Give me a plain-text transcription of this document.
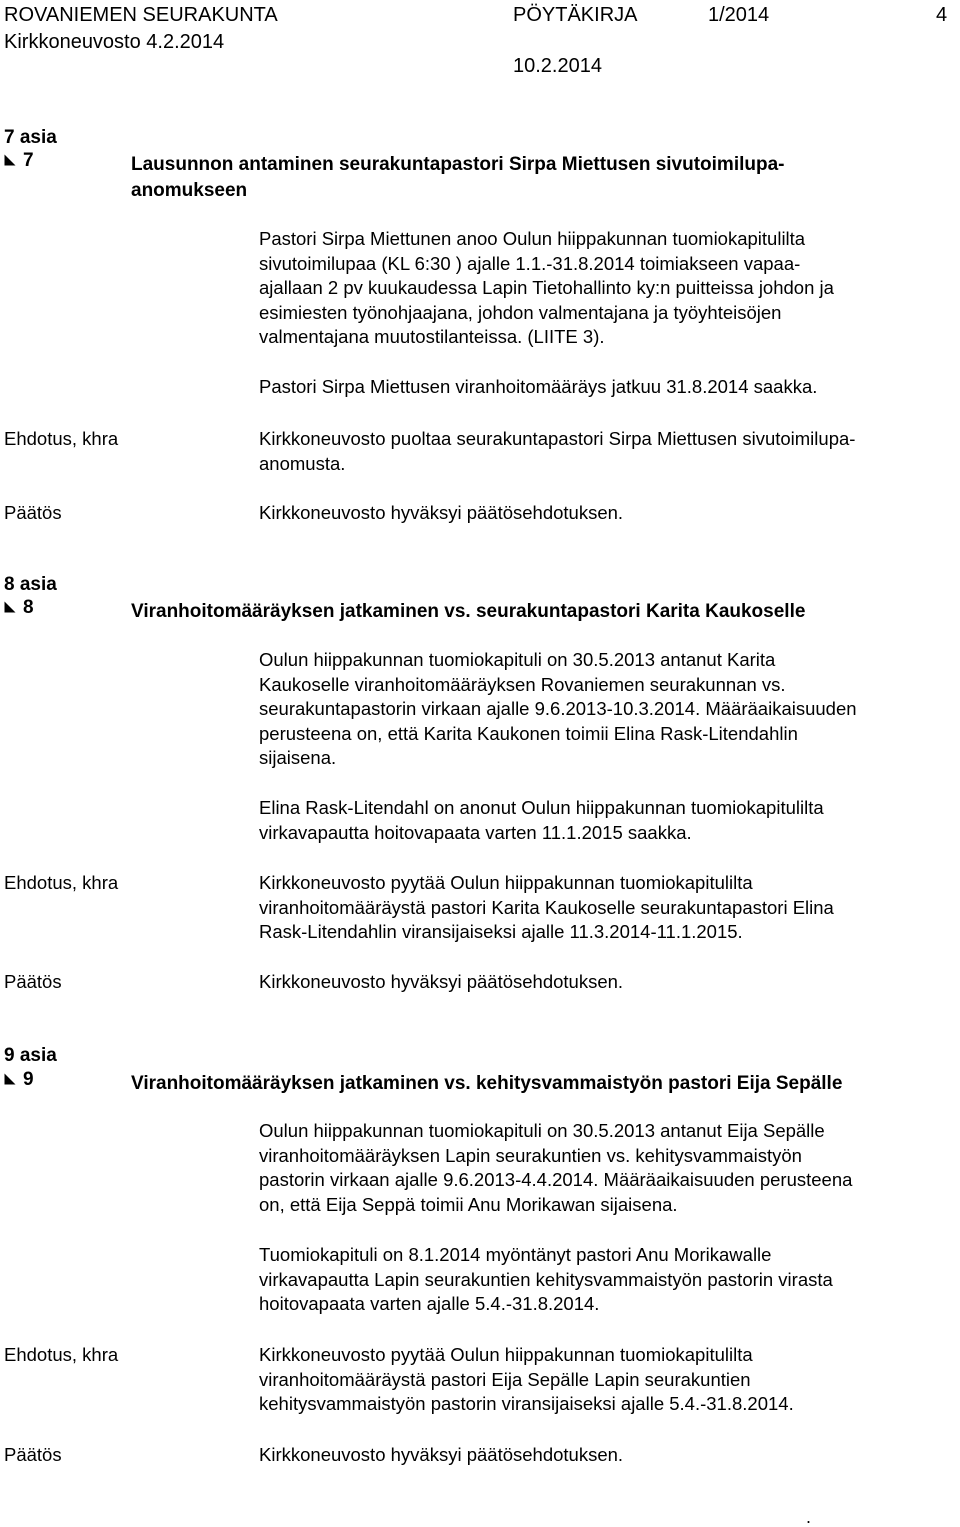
ROVANIEMEN SEURAKUNTA	PÖYTÄKIRJA	1/2014	4
Kirkkoneuvosto 4.2.2014
10.2.2014
7 asia
7	Lausunnon antaminen seurakuntapastori Sirpa Miettusen sivutoimilupa-
anomukseen

Pastori Sirpa Miettunen anoo Oulun hiippakunnan tuomiokapitulilta

sivutoimilupaa (KL 6:30 ) ajalle 1.1.-31.8.2014 toimiakseen vapaa-

ajallaan 2 pv kuukaudessa Lapin Tietohallinto ky:n puitteissa johdon ja

esimiesten työnohjaajana, johdon valmentajana ja työyhteisöjen

valmentajana muutostilanteissa. (LIITE 3).

Pastori Sirpa Miettusen viranhoitomääräys jatkuu 31.8.2014 saakka.

Ehdotus, khra	Kirkkoneuvosto puoltaa seurakuntapastori Sirpa Miettusen sivutoimilupa-

anomusta.

Päätös	Kirkkoneuvosto hyväksyi päätösehdotuksen.

8 asia
8	Viranhoitomääräyksen jatkaminen vs. seurakuntapastori Karita Kaukoselle

Oulun hiippakunnan tuomiokapituli on 30.5.2013 antanut Karita

Kaukoselle viranhoitomääräyksen Rovaniemen seurakunnan vs.

seurakuntapastorin virkaan ajalle 9.6.2013-10.3.2014. Määräaikaisuuden

perusteena on, että Karita Kaukonen toimii Elina Rask-Litendahlin

sijaisena.

Elina Rask-Litendahl on anonut Oulun hiippakunnan tuomiokapitulilta

virkavapautta hoitovapaata varten 11.1.2015 saakka.

Ehdotus, khra	Kirkkoneuvosto pyytää Oulun hiippakunnan tuomiokapitulilta

viranhoitomääräystä pastori Karita Kaukoselle seurakuntapastori Elina

Rask-Litendahlin viransijaiseksi ajalle 11.3.2014-11.1.2015.

Päätös	Kirkkoneuvosto hyväksyi päätösehdotuksen.

9 asia
9	Viranhoitomääräyksen jatkaminen vs. kehitysvammaistyön pastori Eija Sepälle

Oulun hiippakunnan tuomiokapituli on 30.5.2013 antanut Eija Sepälle

viranhoitomääräyksen Lapin seurakuntien vs. kehitysvammaistyön

pastorin virkaan ajalle 9.6.2013-4.4.2014. Määräaikaisuuden perusteena

on, että Eija Seppä toimii Anu Morikawan sijaisena.

Tuomiokapituli on 8.1.2014 myöntänyt pastori Anu Morikawalle

virkavapautta Lapin seurakuntien kehitysvammaistyön pastorin virasta

hoitovapaata varten ajalle 5.4.-31.8.2014.

Ehdotus, khra	Kirkkoneuvosto pyytää Oulun hiippakunnan tuomiokapitulilta

viranhoitomääräystä pastori Eija Sepälle Lapin seurakuntien

kehitysvammaistyön pastorin viransijaiseksi ajalle 5.4.-31.8.2014.

Päätös	Kirkkoneuvosto hyväksyi päätösehdotuksen.

.
